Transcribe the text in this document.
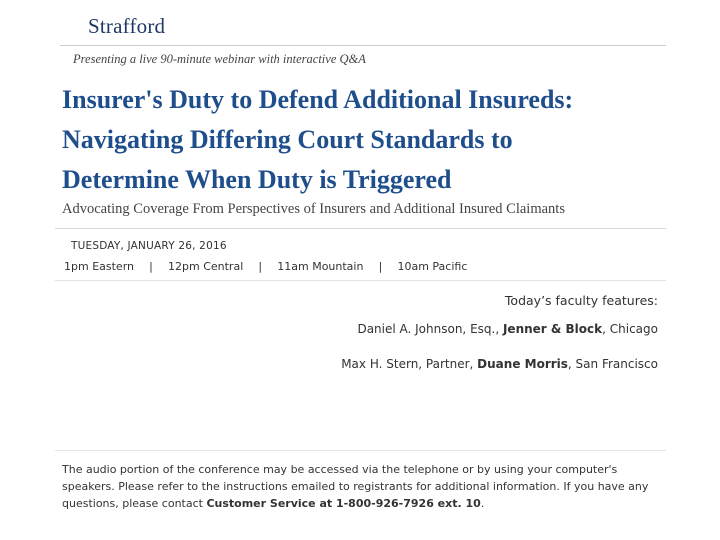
Strafford
Presenting a live 90-minute webinar with interactive Q&A
Insurer's Duty to Defend Additional Insureds:
Navigating Differing Court Standards to
Determine When Duty is Triggered
Advocating Coverage From Perspectives of Insurers and Additional Insured Claimants
TUESDAY, JANUARY 26, 2016
1pm Eastern | 12pm Central | 11am Mountain | 10am Pacific
Today’s faculty features:
Daniel A. Johnson, Esq., Jenner & Block, Chicago
Max H. Stern, Partner, Duane Morris, San Francisco
The audio portion of the conference may be accessed via the telephone or by using your computer's speakers. Please refer to the instructions emailed to registrants for additional information. If you have any questions, please contact Customer Service at 1-800-926-7926 ext. 10.
